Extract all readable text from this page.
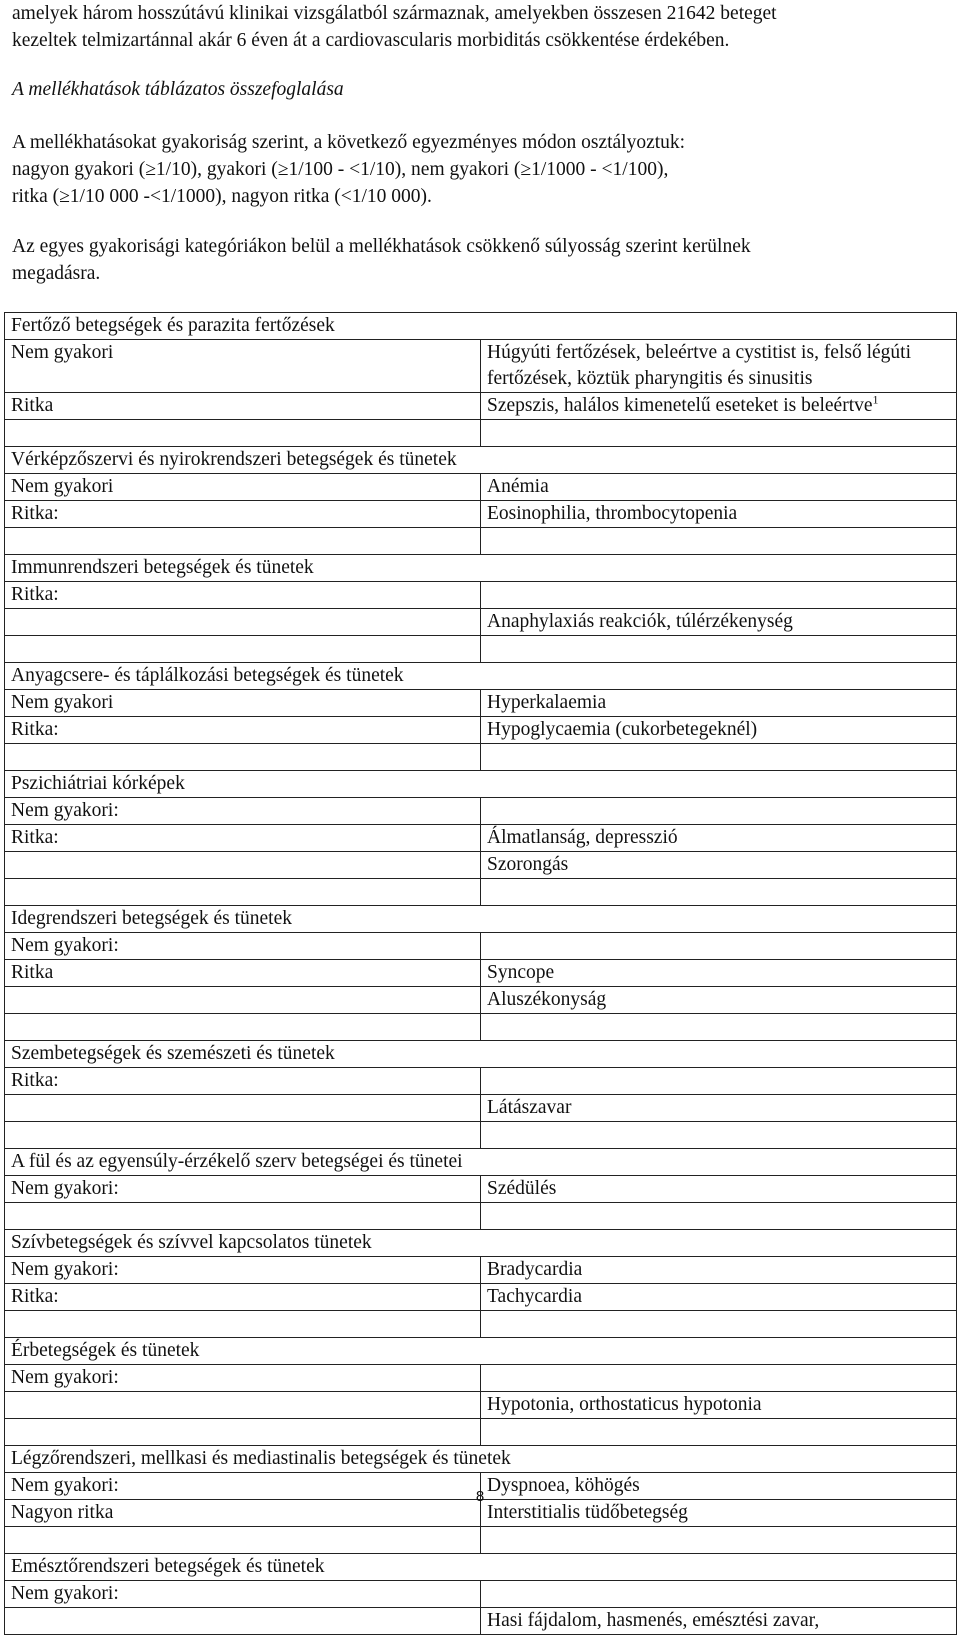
amelyek három hosszútávú klinikai vizsgálatból származnak, amelyekben összesen 21642 beteget
kezeltek telmizartánnal akár 6 éven át a cardiovascularis morbiditás csökkentése érdekében.

A mellékhatások táblázatos összefoglalása

A mellékhatásokat gyakoriság szerint, a következő egyezményes módon osztályoztuk:
nagyon gyakori (≥1/10), gyakori (≥1/100 - <1/10), nem gyakori (≥1/1000 - <1/100),
ritka (≥1/10 000 -<1/1000), nagyon ritka (<1/10 000).

Az egyes gyakorisági kategóriákon belül a mellékhatások csökkenő súlyosság szerint kerülnek
megadásra.

Fertőző betegségek és parazita fertőzések	
Nem gyakori	Húgyúti fertőzések, beleértve a cystitist is, felső légúti fertőzések, köztük pharyngitis és sinusitis
Ritka	Szepszis, halálos kimenetelű eseteket is beleértve$^1$

Vérképzőszervi és nyirokrendszeri betegségek és tünetek	
Nem gyakori	Anémia
Ritka:	Eosinophilia, thrombocytopenia

Immunrendszeri betegségek és tünetek	
Ritka:	
	Anaphylaxiás reakciók, túlérzékenység

Anyagcsere- és táplálkozási betegségek és tünetek	
Nem gyakori	Hyperkalaemia
Ritka:	Hypoglycaemia (cukorbetegeknél)

Pszichiátriai kórképek	
Nem gyakori:	
Ritka:	Álmatlanság, depresszió
	Szorongás

Idegrendszeri betegségek és tünetek	
Nem gyakori:	
Ritka	Syncope
	Aluszékonyság

Szembetegségek és szemészeti és tünetek	
Ritka:	
	Látászavar

A fül és az egyensúly-érzékelő szerv betegségei és tünetei	
Nem gyakori:	Szédülés

Szívbetegségek és szívvel kapcsolatos tünetek	
Nem gyakori:	Bradycardia
Ritka:	Tachycardia

Érbetegségek és tünetek	
Nem gyakori:	
	Hypotonia, orthostaticus hypotonia

Légzőrendszeri, mellkasi és mediastinalis betegségek és tünetek	
Nem gyakori:	Dyspnoea, köhögés
Nagyon ritka	Interstitialis tüdőbetegség

Emésztőrendszeri betegségek és tünetek	
Nem gyakori:	
	Hasi fájdalom, hasmenés, emésztési zavar,
8
